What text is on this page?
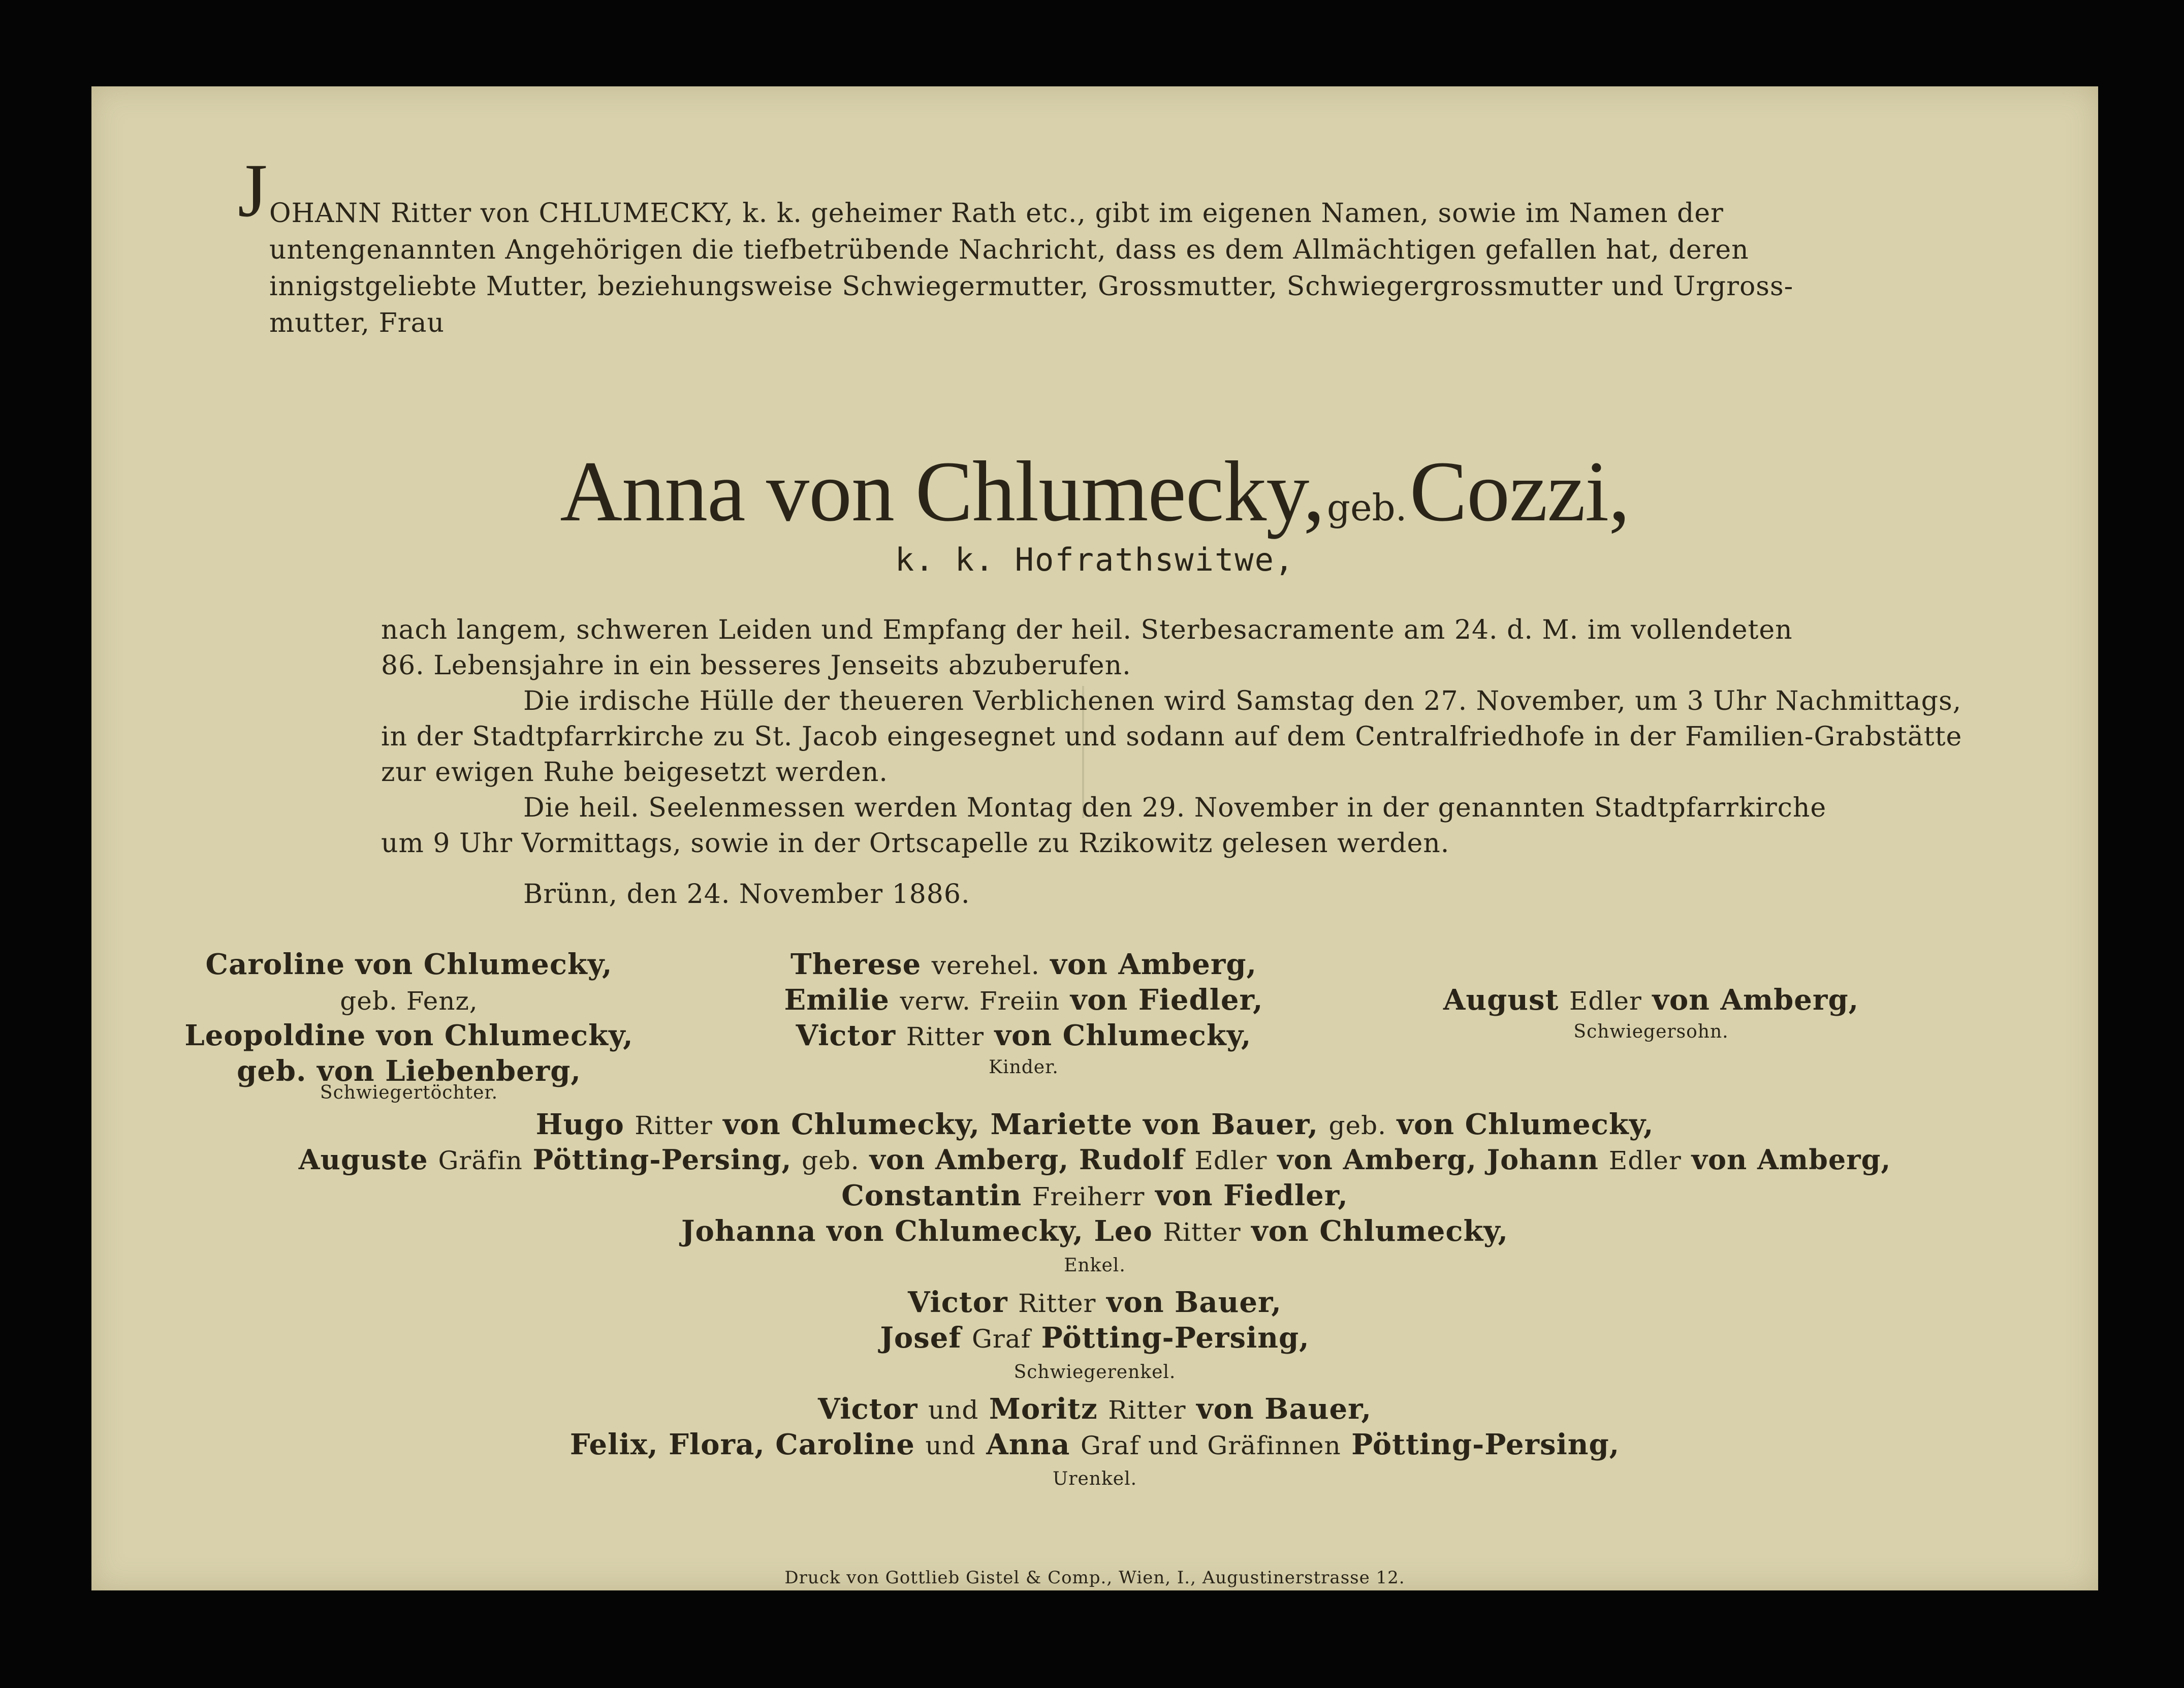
J OHANN Ritter von CHLUMECKY, k. k. geheimer Rath etc., gibt im eigenen Namen, sowie im Namen der
untengenannten Angehörigen die tiefbetrübende Nachricht, dass es dem Allmächtigen gefallen hat, deren
innigstgeliebte Mutter, beziehungsweise Schwiegermutter, Grossmutter, Schwiegergrossmutter und Urgross-
mutter, Frau
Anna von Chlumecky, geb. Cozzi,
k. k. Hofrathswitwe,
nach langem, schweren Leiden und Empfang der heil. Sterbesacramente am 24. d. M. im vollendeten
86. Lebensjahre in ein besseres Jenseits abzuberufen.
Die irdische Hülle der theueren Verblichenen wird Samstag den 27. November, um 3 Uhr Nachmittags,
in der Stadtpfarrkirche zu St. Jacob eingesegnet und sodann auf dem Centralfriedhofe in der Familien-Grabstätte
zur ewigen Ruhe beigesetzt werden.
Die heil. Seelenmessen werden Montag den 29. November in der genannten Stadtpfarrkirche
um 9 Uhr Vormittags, sowie in der Ortscapelle zu Rzikowitz gelesen werden.
Brünn, den 24. November 1886.
Caroline von Chlumecky,
geb. Fenz,
Leopoldine von Chlumecky,
geb. von Liebenberg,
Schwiegertöchter.
Therese verehel. von Amberg,
Emilie verw. Freiin von Fiedler,
Victor Ritter von Chlumecky,
Kinder.
August Edler von Amberg,
Schwiegersohn.
Hugo Ritter von Chlumecky, Mariette von Bauer, geb. von Chlumecky,
Auguste Gräfin Pötting-Persing, geb. von Amberg, Rudolf Edler von Amberg, Johann Edler von Amberg,
Constantin Freiherr von Fiedler,
Johanna von Chlumecky, Leo Ritter von Chlumecky,
Enkel.
Victor Ritter von Bauer,
Josef Graf Pötting-Persing,
Schwiegerenkel.
Victor und Moritz Ritter von Bauer,
Felix, Flora, Caroline und Anna Graf und Gräfinnen Pötting-Persing,
Urenkel.
Druck von Gottlieb Gistel & Comp., Wien, I., Augustinerstrasse 12.
